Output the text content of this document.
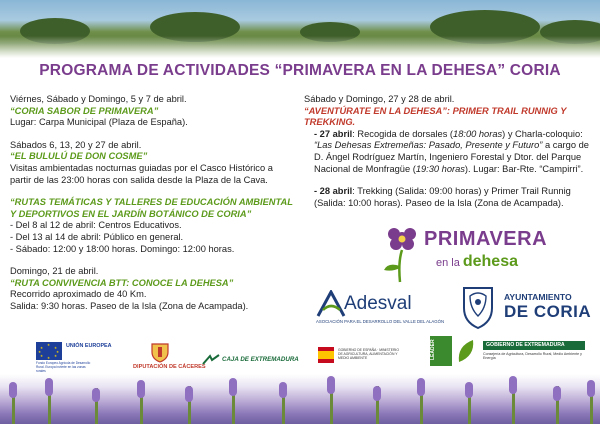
PROGRAMA DE ACTIVIDADES “PRIMAVERA EN LA DEHESA” CORIA

Viérnes, Sábado y Domingo, 5 y 7 de abril.

“CORIA SABOR DE PRIMAVERA”

Lugar: Carpa Municipal (Plaza de España).

Sábados 6, 13, 20 y 27 de abril.

“EL BULULÚ DE DON COSME”

Visitas ambientadas nocturnas guiadas por el Casco Histórico a partir de las 23:00 horas con salida desde la Plaza de la Cava.

“RUTAS TEMÁTICAS Y TALLERES DE EDUCACIÓN AMBIENTAL Y DEPORTIVOS EN EL JARDÍN BOTÁNICO DE CORIA”

- Del 8 al 12 de abril: Centros Educativos.

- Del 13 al 14 de abril: Público en general.

- Sábado: 12:00 y 18:00 horas. Domingo: 12:00 horas.

Domingo, 21 de abril.

“RUTA CONVIVENCIA BTT: CONOCE LA DEHESA”

Recorrido aproximado de 40 Km.

Salida: 9:30 horas. Paseo de la Isla (Zona de Acampada).

Sábado y Domingo, 27 y 28 de abril.

“AVENTÚRATE EN LA DEHESA”: PRIMER TRAIL RUNNIG Y TREKKING.

- 27 abril: Recogida de dorsales (18:00 horas) y Charla-coloquio: “Las Dehesas Extremeñas: Pasado, Presente y Futuro” a cargo de D. Ángel Rodríguez Martín, Ingeniero Forestal y Dtor. del Parque Nacional de Monfragüe (19:30 horas). Lugar: Bar-Rte. “Campirri”.

- 28 abril: Trekking (Salida: 09:00 horas) y Primer Trail Runnig (Salida: 10:00 horas). Paseo de la Isla (Zona de Acampada).

PRIMAVERA
en la dehesa
Adesval
ASOCIACIÓN PARA EL DESARROLLO DEL VALLE DEL ALAGÓN
AYUNTAMIENTO
DE CORIA
★
★	★
★	★
★	★
★
UNIÓN EUROPEA
Fondo Europeo Agrícola de Desarrollo Rural. Europa invierte en las zonas rurales
DIPUTACIÓN DE CÁCERES
CAJA DE EXTREMADURA
GOBIERNO DE ESPAÑA · MINISTERIO DE AGRICULTURA, ALIMENTACIÓN Y MEDIO AMBIENTE	LEADER	GOBIERNO DE EXTREMADURA
Consejería de Agricultura, Desarrollo Rural, Medio Ambiente y Energía
